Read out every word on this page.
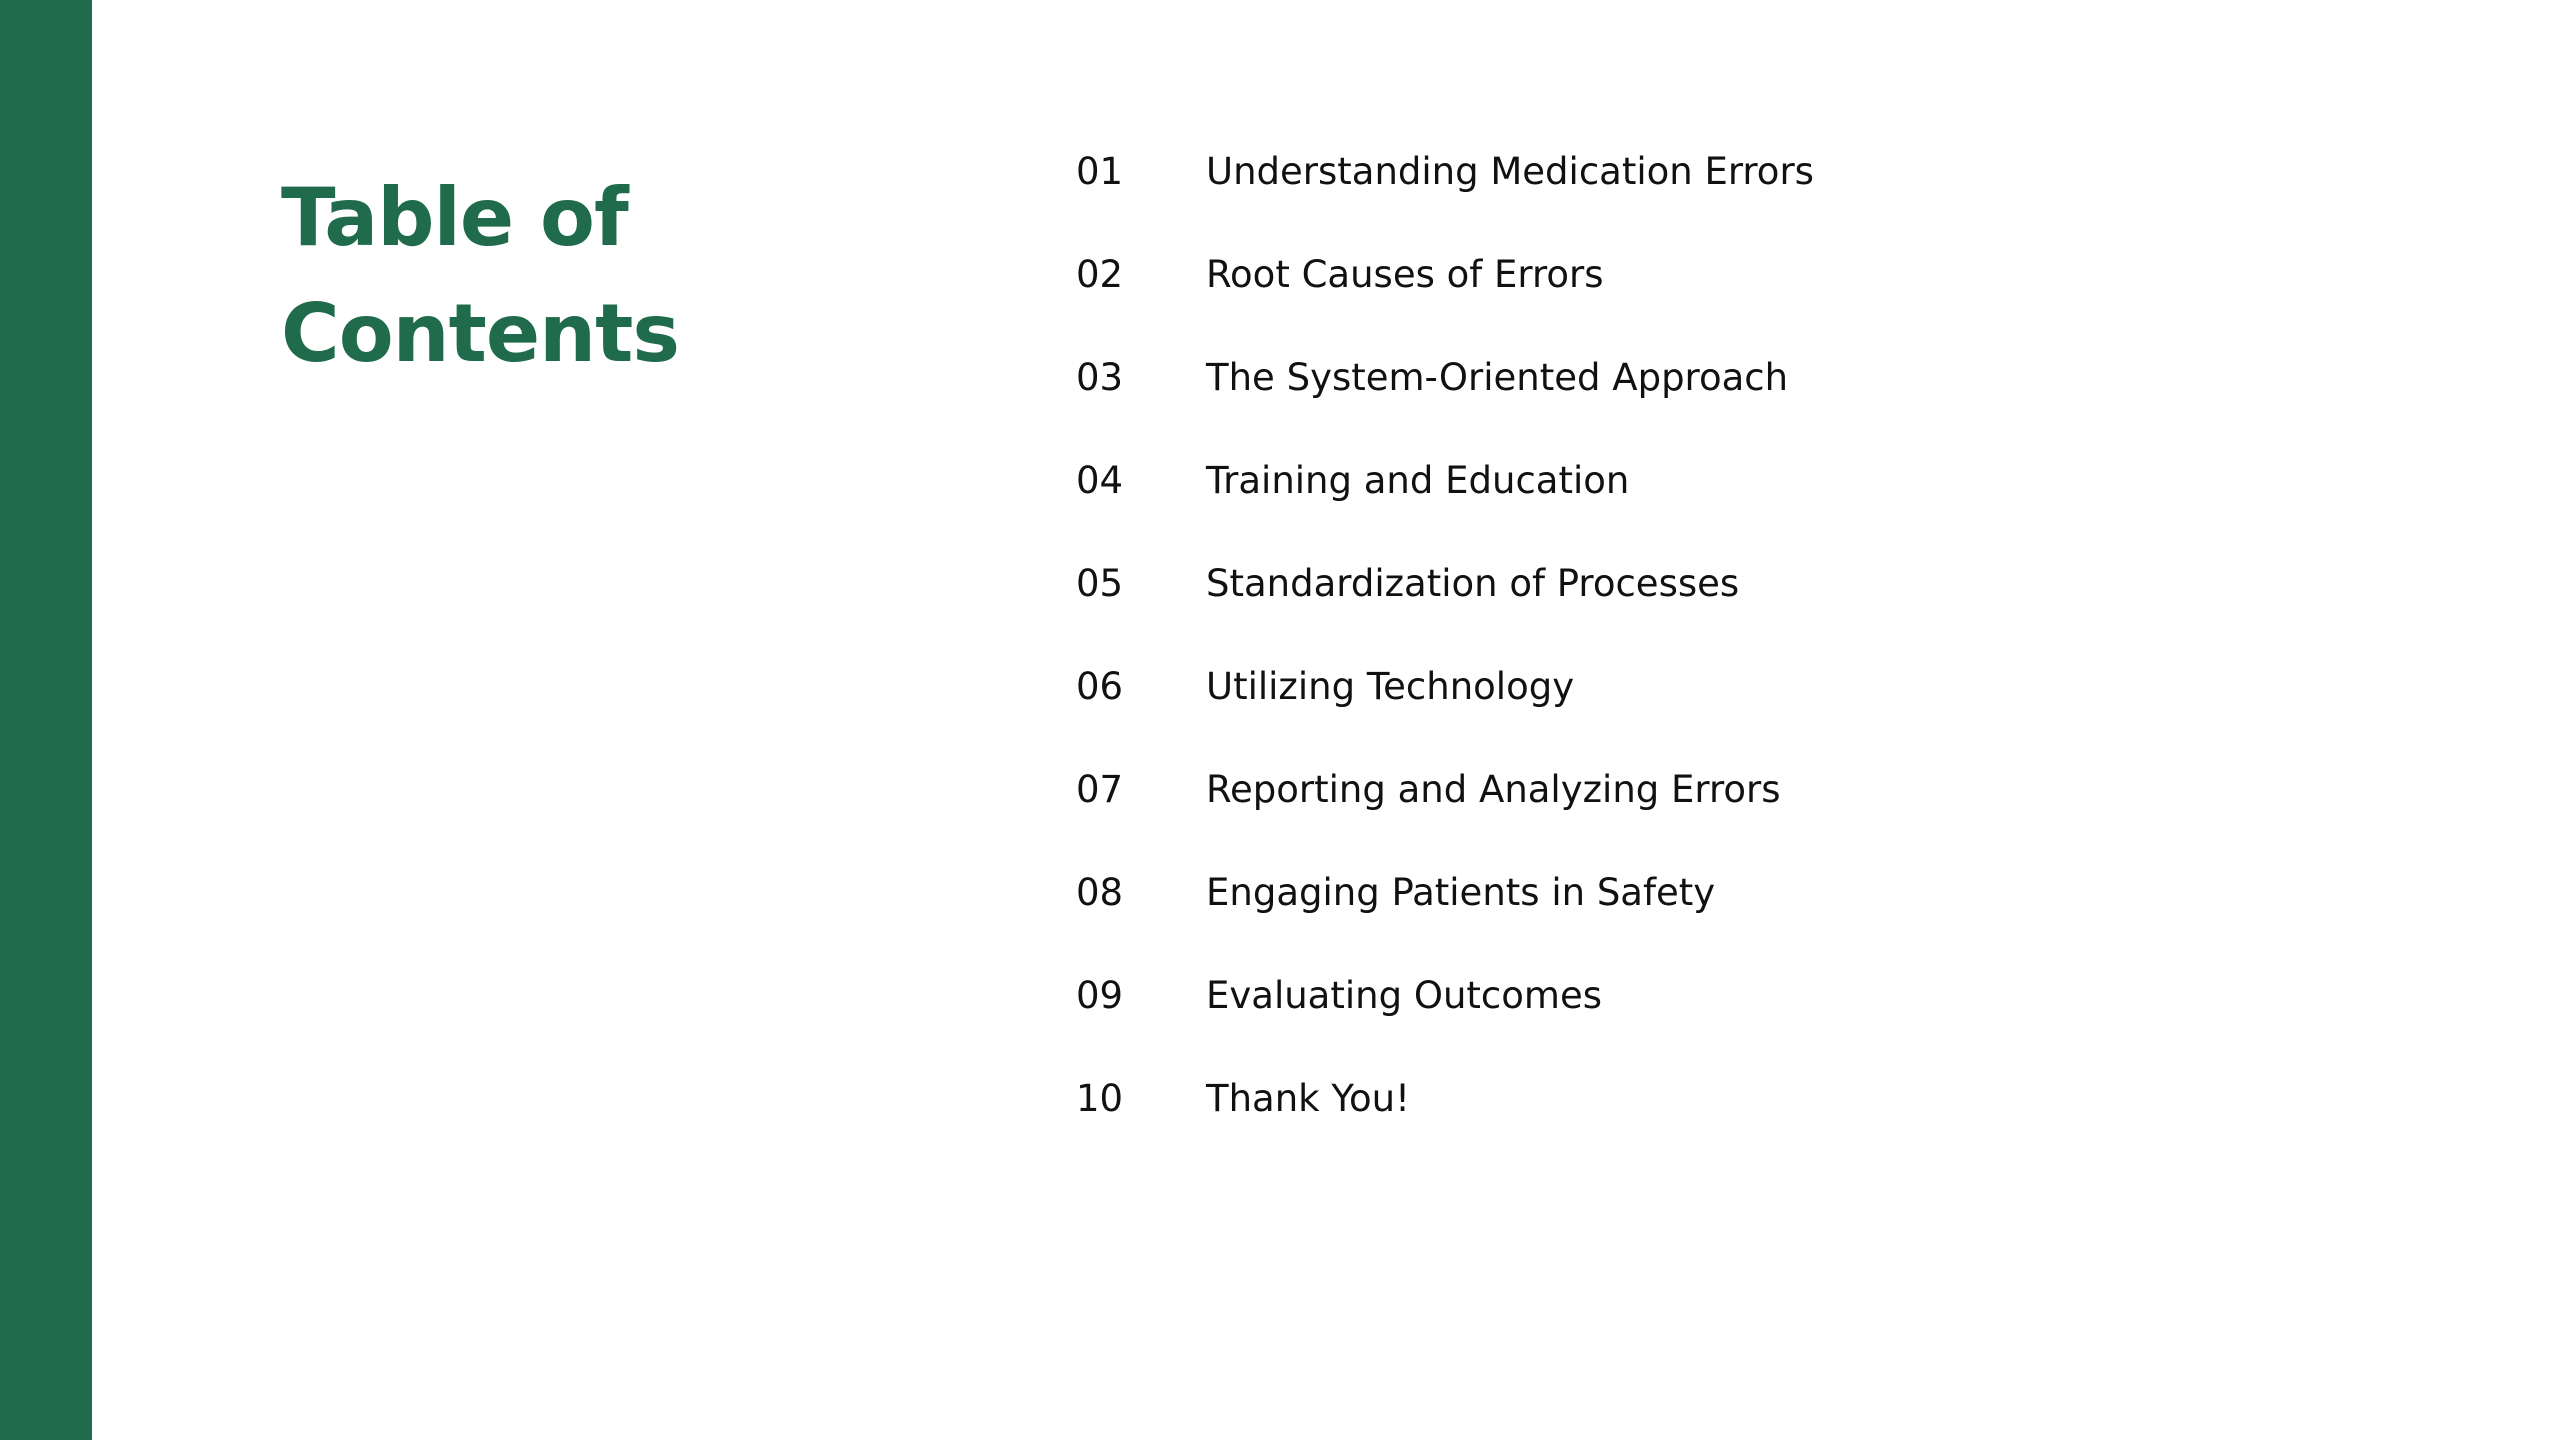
Table of
Contents
01	Understanding Medication Errors
02	Root Causes of Errors
03	The System-Oriented Approach
04	Training and Education
05	Standardization of Processes
06	Utilizing Technology
07	Reporting and Analyzing Errors
08	Engaging Patients in Safety
09	Evaluating Outcomes
10	Thank You!
